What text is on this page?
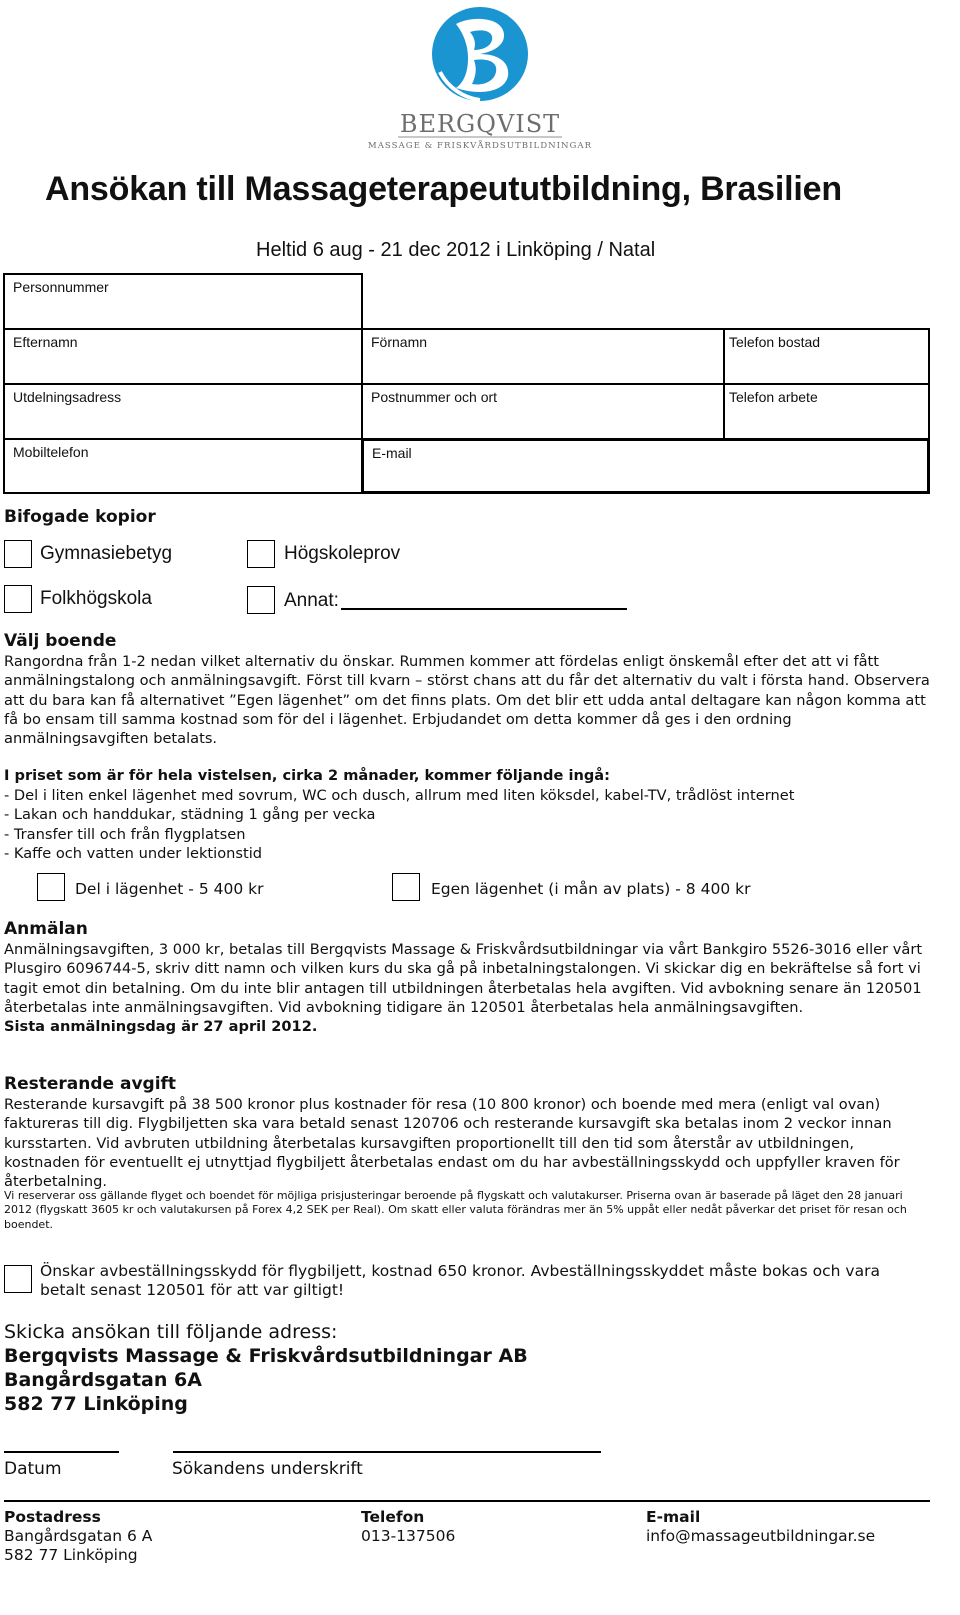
BERGQVIST
MASSAGE & FRISKVÅRDSUTBILDNINGAR
Ansökan till Massageterapeututbildning, Brasilien
Heltid 6 aug - 21 dec 2012 i Linköping / Natal
Personnummer
Efternamn	Förnamn	Telefon bostad
Utdelningsadress	Postnummer och ort	Telefon arbete
Mobiltelefon	E-mail
Bifogade kopior
Gymnasiebetyg	Högskoleprov
Folkhögskola	Annat:
Välj boende

Rangordna från 1-2 nedan vilket alternativ du önskar. Rummen kommer att fördelas enligt önskemål efter det att vi fått anmälningstalong och anmälningsavgift. Först till kvarn – störst chans att du får det alternativ du valt i första hand. Observera att du bara kan få alternativet ”Egen lägenhet” om det finns plats. Om det blir ett udda antal deltagare kan någon komma att få bo ensam till samma kostnad som för del i lägenhet. Erbjudandet om detta kommer då ges i den ordning anmälningsavgiften betalats.

I priset som är för hela vistelsen, cirka 2 månader, kommer följande ingå:

- Del i liten enkel lägenhet med sovrum, WC och dusch, allrum med liten köksdel, kabel-TV, trådlöst internet

- Lakan och handdukar, städning 1 gång per vecka

- Transfer till och från flygplatsen

- Kaffe och vatten under lektionstid

Del i lägenhet - 5 400 kr	Egen lägenhet (i mån av plats) - 8 400 kr
Anmälan

Anmälningsavgiften, 3 000 kr, betalas till Bergqvists Massage & Friskvårdsutbildningar via vårt Bankgiro 5526-3016 eller vårt Plusgiro 6096744-5, skriv ditt namn och vilken kurs du ska gå på inbetalningstalongen. Vi skickar dig en bekräftelse så fort vi tagit emot din betalning. Om du inte blir antagen till utbildningen återbetalas hela avgiften. Vid avbokning senare än 120501 återbetalas inte anmälningsavgiften. Vid avbokning tidigare än 120501 återbetalas hela anmälningsavgiften.

Sista anmälningsdag är 27 april 2012.

Resterande avgift

Resterande kursavgift på 38 500 kronor plus kostnader för resa (10 800 kronor) och boende med mera (enligt val ovan) faktureras till dig. Flygbiljetten ska vara betald senast 120706 och resterande kursavgift ska betalas inom 2 veckor innan kursstarten. Vid avbruten utbildning återbetalas kursavgiften proportionellt till den tid som återstår av utbildningen, kostnaden för eventuellt ej utnyttjad flygbiljett återbetalas endast om du har avbeställningsskydd och uppfyller kraven för återbetalning.

Vi reserverar oss gällande flyget och boendet för möjliga prisjusteringar beroende på flygskatt och valutakurser. Priserna ovan är baserade på läget den 28 januari 2012 (flygskatt 3605 kr och valutakursen på Forex 4,2 SEK per Real). Om skatt eller valuta förändras mer än 5% uppåt eller nedåt påverkar det priset för resan och boendet.

Önskar avbeställningsskydd för flygbiljett, kostnad 650 kronor. Avbeställningsskyddet måste bokas och vara betalt senast 120501 för att var giltigt!

Skicka ansökan till följande adress:
Bergqvists Massage & Friskvårdsutbildningar AB
Bangårdsgatan 6A
582 77 Linköping
Datum	Sökandens underskrift
Postadress
Bangårdsgatan 6 A
582 77 Linköping
Telefon
013-137506
E-mail
info@massageutbildningar.se
